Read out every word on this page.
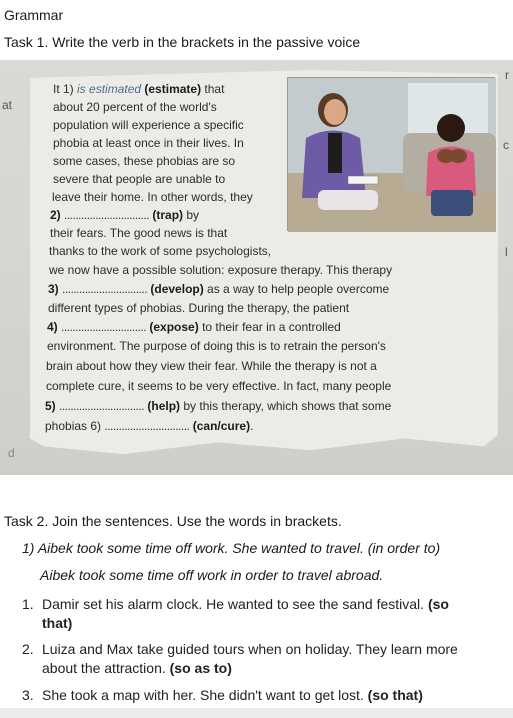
Grammar
Task 1. Write the verb in the brackets in the passive voice
at
c
l
r
d
It 1) is estimated (estimate) that
about 20 percent of the world's
population will experience a specific
phobia at least once in their lives. In
some cases, these phobias are so
severe that people are unable to
leave their home. In other words, they
2) .............................. (trap) by
their fears. The good news is that
thanks to the work of some psychologists,
we now have a possible solution: exposure therapy. This therapy
3) .............................. (develop) as a way to help people overcome
different types of phobias. During the therapy, the patient
4) .............................. (expose) to their fear in a controlled
environment. The purpose of doing this is to retrain the person's
brain about how they view their fear. While the therapy is not a
complete cure, it seems to be very effective. In fact, many people
5) .............................. (help) by this therapy, which shows that some
phobias 6) .............................. (can/cure).
Task 2. Join the sentences. Use the words in brackets.
1) Aibek took some time off work. She wanted to travel. (in order to)
Aibek took some time off work in order to travel abroad.
1. Damir set his alarm clock. He wanted to see the sand festival. (so
that)
2. Luiza and Max take guided tours when on holiday. They learn more
about the attraction. (so as to)
3. She took a map with her. She didn't want to get lost. (so that)
